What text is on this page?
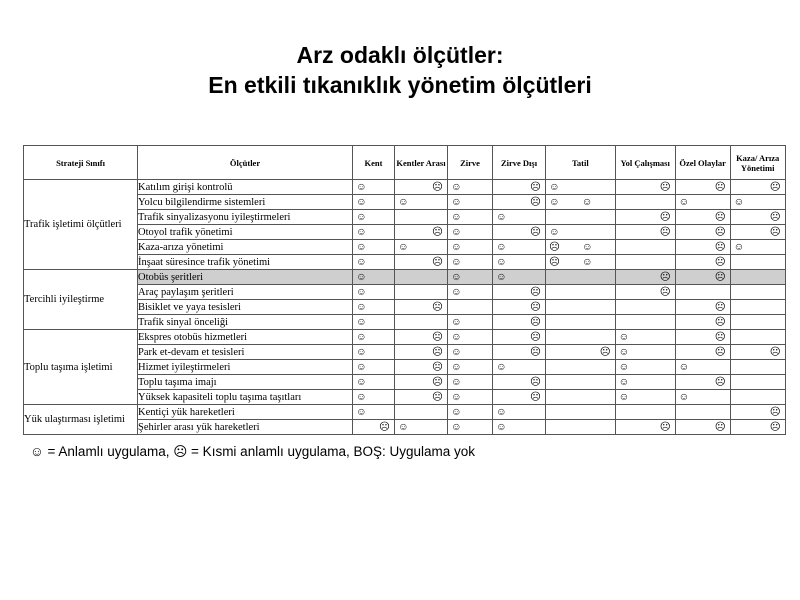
Arz odaklı ölçütler:
En etkili tıkanıklık yönetim ölçütleri
Strateji Sınıfı	Ölçütler	Kent	Kentler Arası	Zirve	Zirve Dışı	Tatil	Yol Çalışması	Özel Olaylar	Kaza/ Arıza Yönetimi
Trafik işletimi ölçütleri	Katılım girişi kontrolü	☺	☹	☺	☹	☺	☹	☹	☹
	Yolcu bilgilendirme sistemleri	☺	☺	☺	☹	☺☺		☺	☺
	Trafik sinyalizasyonu iyileştirmeleri	☺		☺	☺		☹	☹	☹
	Otoyol trafik yönetimi	☺	☹	☺	☹	☺	☹	☹	☹
	Kaza-arıza yönetimi	☺	☺	☺	☺	☹☺		☹	☺
	İnşaat süresince trafik yönetimi	☺	☹	☺	☺	☹☺		☹	
Tercihli iyileştirme	Otobüs şeritleri	☺		☺	☺		☹	☹	
	Araç paylaşım şeritleri	☺		☺	☹		☹		
	Bisiklet ve yaya tesisleri	☺	☹		☹			☹	
	Trafik sinyal önceliği	☺		☺	☹			☹	
Toplu taşıma işletimi	Ekspres otobüs hizmetleri	☺	☹	☺	☹		☺	☹	
	Park et-devam et tesisleri	☺	☹	☺	☹	☹	☺	☹	☹
	Hizmet iyileştirmeleri	☺	☹	☺	☺		☺	☺	
	Toplu taşıma imajı	☺	☹	☺	☹		☺	☹	
	Yüksek kapasiteli toplu taşıma taşıtları	☺	☹	☺	☹		☺	☺	
Yük ulaştırması işletimi	Kentiçi yük hareketleri	☺		☺	☺				☹
	Şehirler arası yük hareketleri	☹	☺	☺	☺		☹	☹	☹
☺ = Anlamlı uygulama, ☹ = Kısmi anlamlı uygulama, BOŞ: Uygulama yok
